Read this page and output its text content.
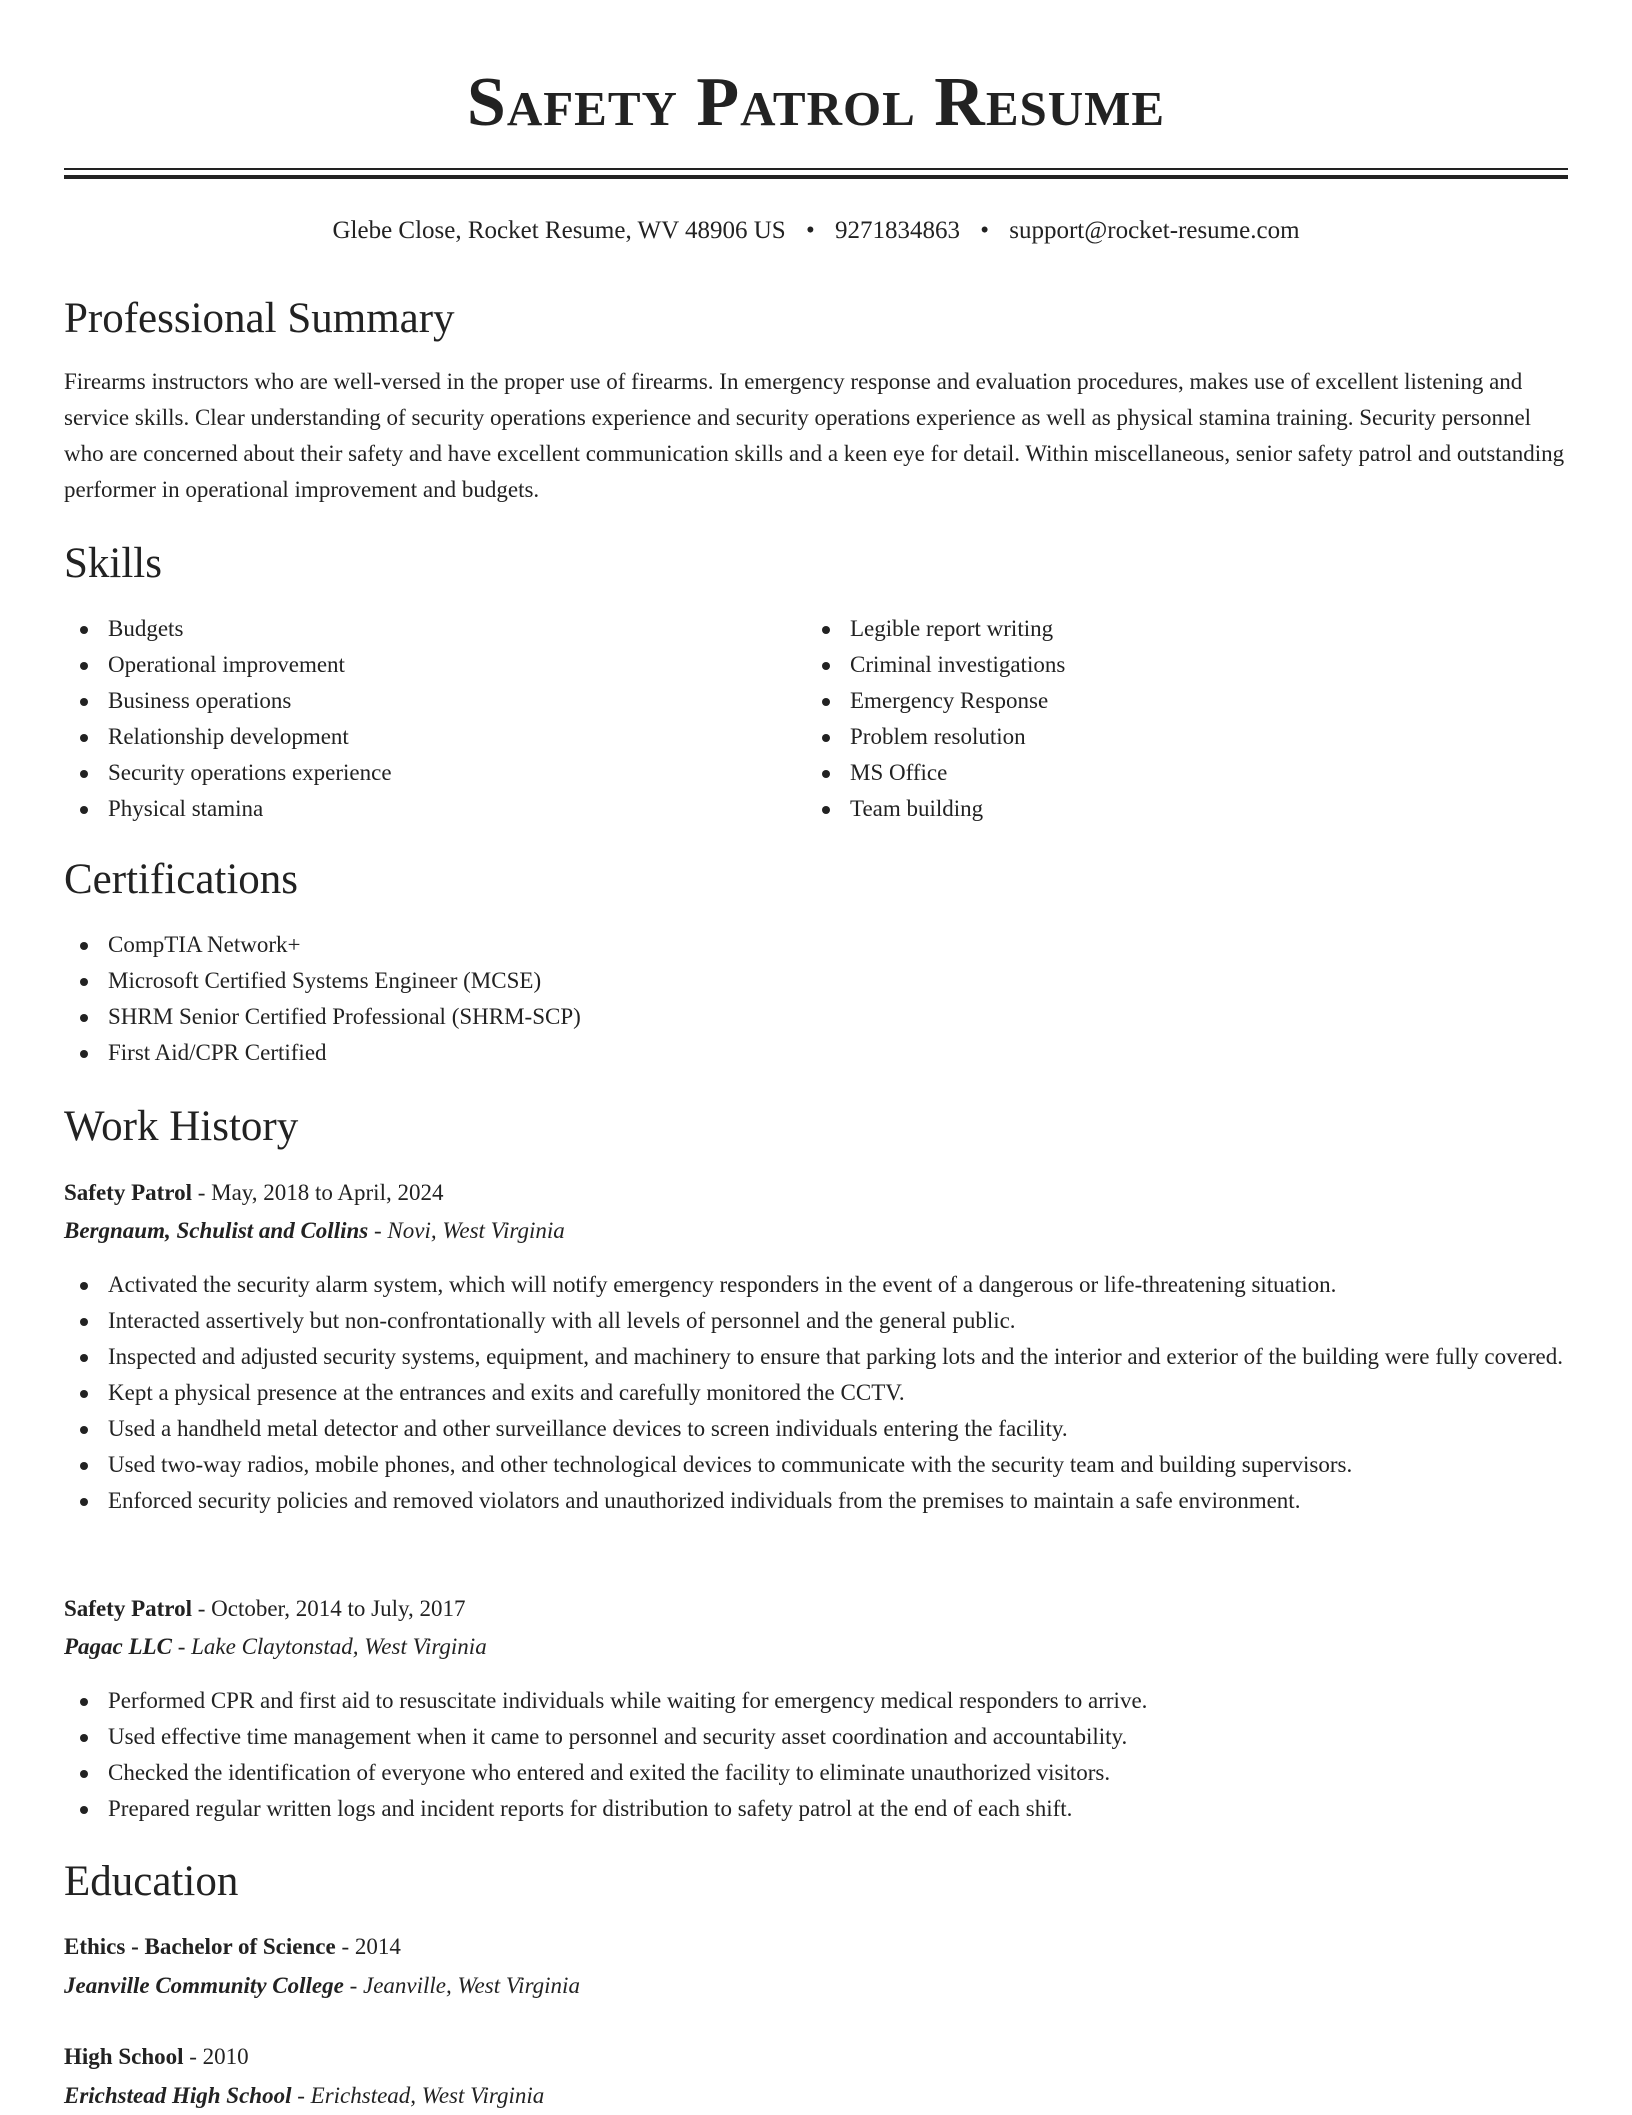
Safety Patrol Resume
Glebe Close, Rocket Resume, WV 48906 US • 9271834863 • support@rocket-resume.com
Professional Summary

Firearms instructors who are well-versed in the proper use of firearms. In emergency response and evaluation procedures, makes use of excellent listening and service skills. Clear understanding of security operations experience and security operations experience as well as physical stamina training. Security personnel who are concerned about their safety and have excellent communication skills and a keen eye for detail. Within miscellaneous, senior safety patrol and outstanding performer in operational improvement and budgets.

Skills
Budgets
Operational improvement
Business operations
Relationship development
Security operations experience
Physical stamina
Legible report writing
Criminal investigations
Emergency Response
Problem resolution
MS Office
Team building
Certifications
CompTIA Network+
Microsoft Certified Systems Engineer (MCSE)
SHRM Senior Certified Professional (SHRM-SCP)
First Aid/CPR Certified
Work History
Safety Patrol - May, 2018 to April, 2024
Bergnaum, Schulist and Collins - Novi, West Virginia
Activated the security alarm system, which will notify emergency responders in the event of a dangerous or life-threatening situation.
Interacted assertively but non-confrontationally with all levels of personnel and the general public.
Inspected and adjusted security systems, equipment, and machinery to ensure that parking lots and the interior and exterior of the building were fully covered.
Kept a physical presence at the entrances and exits and carefully monitored the CCTV.
Used a handheld metal detector and other surveillance devices to screen individuals entering the facility.
Used two-way radios, mobile phones, and other technological devices to communicate with the security team and building supervisors.
Enforced security policies and removed violators and unauthorized individuals from the premises to maintain a safe environment.
Safety Patrol - October, 2014 to July, 2017
Pagac LLC - Lake Claytonstad, West Virginia
Performed CPR and first aid to resuscitate individuals while waiting for emergency medical responders to arrive.
Used effective time management when it came to personnel and security asset coordination and accountability.
Checked the identification of everyone who entered and exited the facility to eliminate unauthorized visitors.
Prepared regular written logs and incident reports for distribution to safety patrol at the end of each shift.
Education
Ethics - Bachelor of Science - 2014
Jeanville Community College - Jeanville, West Virginia
High School - 2010
Erichstead High School - Erichstead, West Virginia
